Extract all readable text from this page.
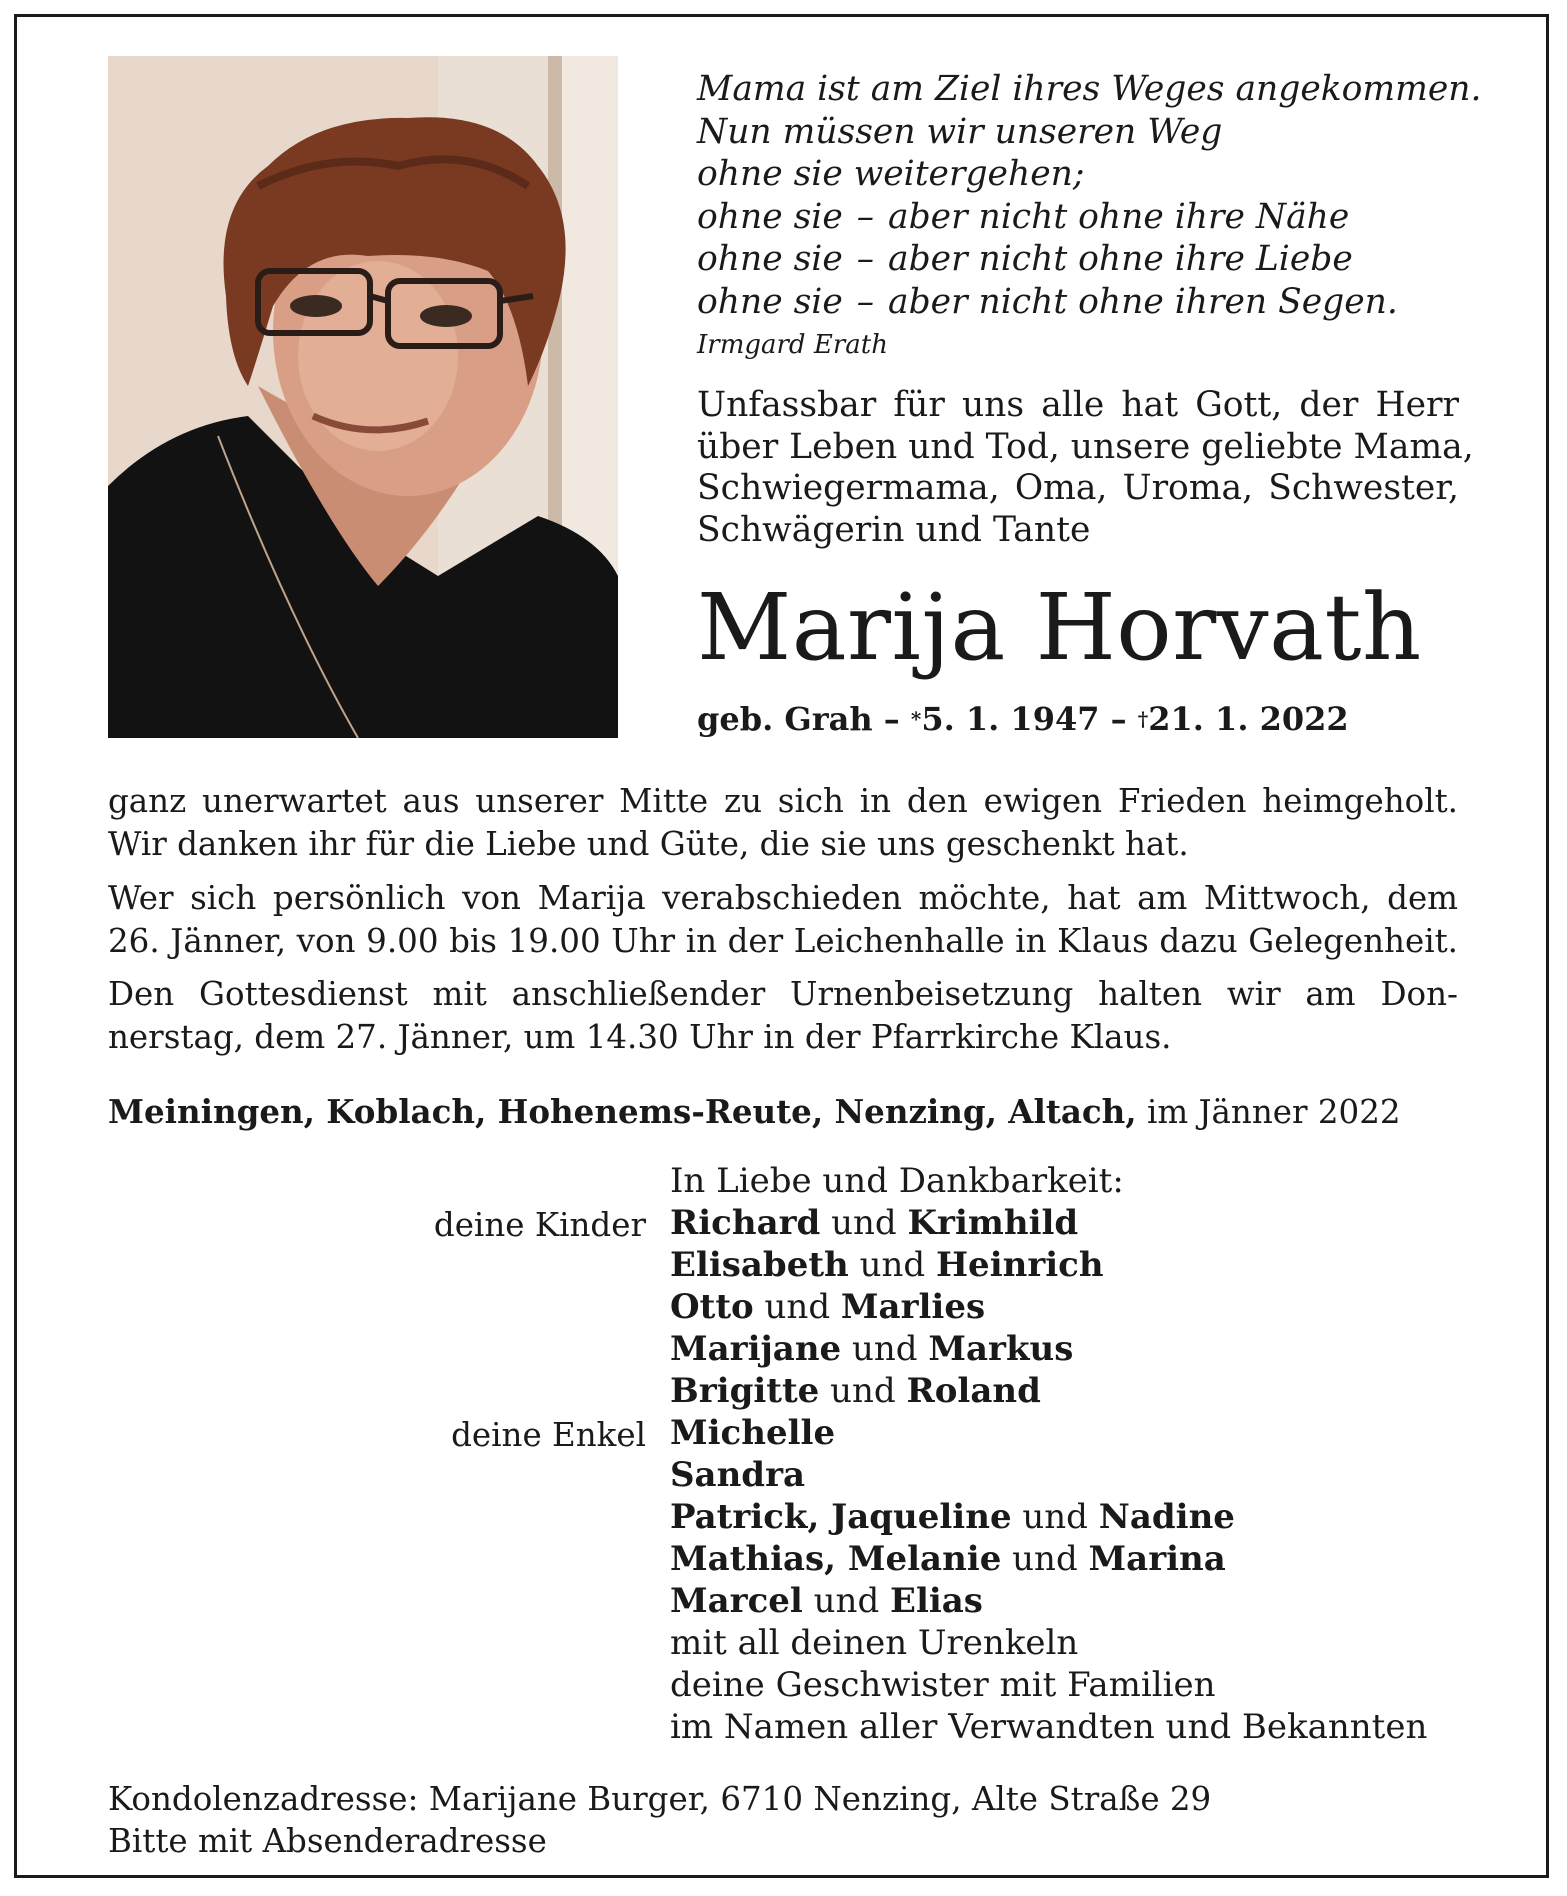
Mama ist am Ziel ihres Weges angekommen.
Nun müssen wir unseren Weg
ohne sie weitergehen;
ohne sie – aber nicht ohne ihre Nähe
ohne sie – aber nicht ohne ihre Liebe
ohne sie – aber nicht ohne ihren Segen.
Irmgard Erath
Unfassbar für uns alle hat Gott, der Herr
über Leben und Tod, unsere geliebte Mama,
Schwiegermama, Oma, Uroma, Schwester,
Schwägerin und Tante
Marija Horvath
geb. Grah – *5. 1. 1947 – †21. 1. 2022
ganz unerwartet aus unserer Mitte zu sich in den ewigen Frieden heimgeholt.
Wir danken ihr für die Liebe und Güte, die sie uns geschenkt hat.
Wer sich persönlich von Marija verabschieden möchte, hat am Mittwoch, dem
26. Jänner, von 9.00 bis 19.00 Uhr in der Leichenhalle in Klaus dazu Gelegenheit.
Den Gottesdienst mit anschließender Urnenbeisetzung halten wir am Don-
nerstag, dem 27. Jänner, um 14.30 Uhr in der Pfarrkirche Klaus.
Meiningen, Koblach, Hohenems-Reute, Nenzing, Altach, im Jänner 2022
deine Kinder
deine Enkel
In Liebe und Dankbarkeit:
Richard und Krimhild
Elisabeth und Heinrich
Otto und Marlies
Marijane und Markus
Brigitte und Roland
Michelle
Sandra
Patrick, Jaqueline und Nadine
Mathias, Melanie und Marina
Marcel und Elias
mit all deinen Urenkeln
deine Geschwister mit Familien
im Namen aller Verwandten und Bekannten
Kondolenzadresse: Marijane Burger, 6710 Nenzing, Alte Straße 29
Bitte mit Absenderadresse
